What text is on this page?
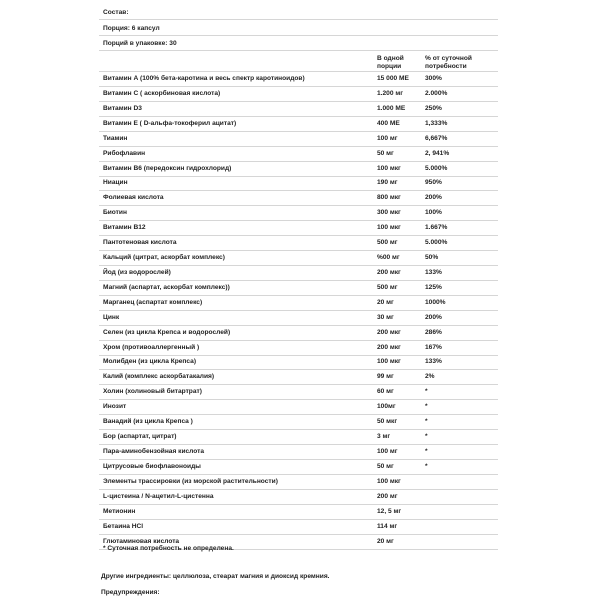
Состав:
Порция: 6 капсул
Порций в упаковке: 30
В одной
порции
% от суточной
потребности
Витамин А (100% бета-каротина и весь спектр каротиноидов)	15 000 МЕ 300%
Витамин С ( аскорбиновая кислота)	1.200 мг	2.000%
Витамин D3	1.000 МЕ	250%
Витамин Е ( D-альфа-токоферил ацитат)	400 МЕ	1,333%
Тиамин	100 мг	6,667%
Рибофлавин	50 мг	2, 941%
Витамин В6 (передоксин гидрохлорид)	100 мкг	5.000%
Ниацин	190 мг	950%
Фолиевая кислота	800 мкг	200%
Биотин	300 мкг	100%
Витамин В12	100 мкг	1.667%
Пантотеновая кислота	500 мг	5.000%
Кальций (цитрат, аскорбат комплекс)	%00 мг	50%
Йод (из водорослей)	200 мкг	133%
Магний (аспартат, аскорбат комплекс))	500 мг	125%
Марганец (аспартат комплекс)	20 мг	1000%
Цинк	30 мг	200%
Селен (из цикла Крепса и водорослей)	200 мкг	286%
Хром (противоаллергенный )	200 мкг	167%
Молибден (из цикла Крепса)	100 мкг	133%
Калий (комплекс аскорбатакалия)	99 мг	2%
Холин (холиновый битартрат)	60 мг	*
Инозит	100мг	*
Ванадий (из цикла Крепса )	50 мкг	*
Бор (аспартат, цитрат)	3 мг	*
Пара-аминобензойная кислота	100 мг	*
Цитрусовые биофлавоноиды	50 мг	*
Элементы трассировки (из морской растительности)	100 мкг
L-цистеина / N-ацетил-L-цистенна	200 мг
Метионин	12, 5 мг
Бетаина HCl	114 мг
Глютаминовая кислота	20 мг
* Суточная потребность не определена.
Другие ингредиенты: целлюлоза, стеарат магния и диоксид кремния.
Предупреждения:
